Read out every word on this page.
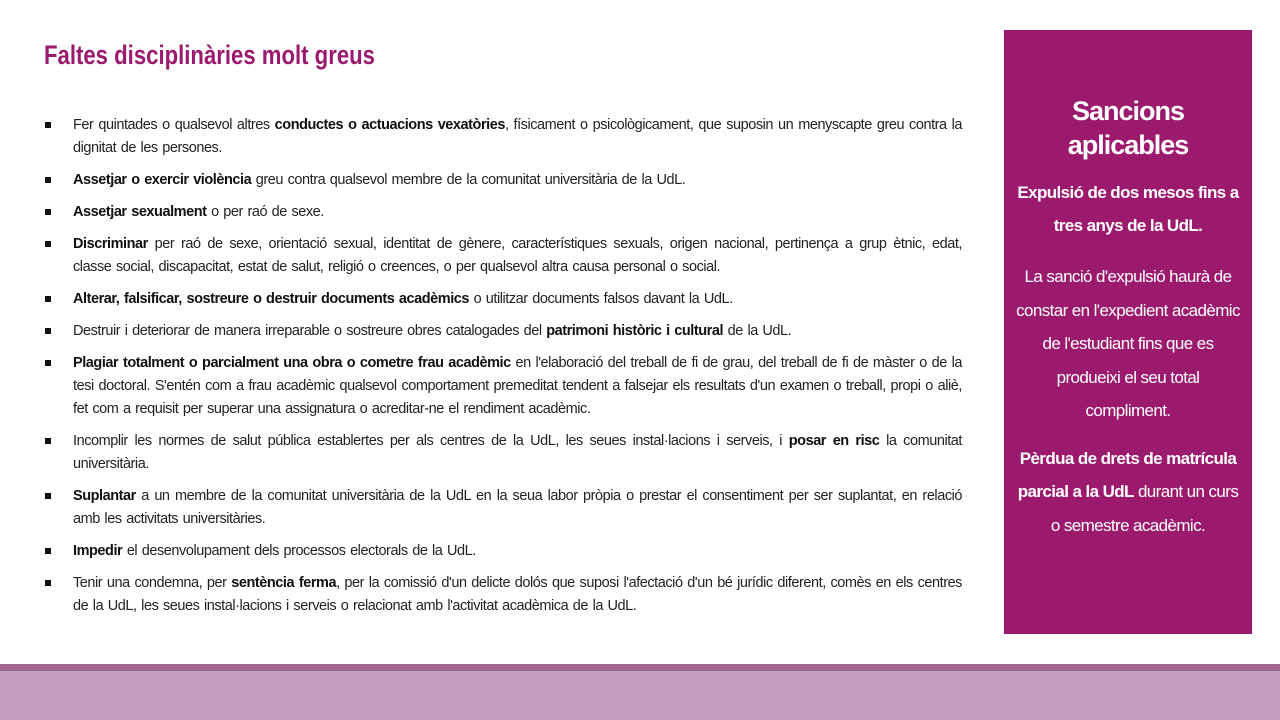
Faltes disciplinàries molt greus
Fer quintades o qualsevol altres conductes o actuacions vexatòries, físicament o psicològicament, que suposin un menyscapte greu contra la dignitat de les persones.
Assetjar o exercir violència greu contra qualsevol membre de la comunitat universitària de la UdL.
Assetjar sexualment o per raó de sexe.
Discriminar per raó de sexe, orientació sexual, identitat de gènere, característiques sexuals, origen nacional, pertinença a grup ètnic, edat, classe social, discapacitat, estat de salut, religió o creences, o per qualsevol altra causa personal o social.
Alterar, falsificar, sostreure o destruir documents acadèmics o utilitzar documents falsos davant la UdL.
Destruir i deteriorar de manera irreparable o sostreure obres catalogades del patrimoni històric i cultural de la UdL.
Plagiar totalment o parcialment una obra o cometre frau acadèmic en l'elaboració del treball de fi de grau, del treball de fi de màster o de la tesi doctoral. S'entén com a frau acadèmic qualsevol comportament premeditat tendent a falsejar els resultats d'un examen o treball, propi o aliè, fet com a requisit per superar una assignatura o acreditar-ne el rendiment acadèmic.
Incomplir les normes de salut pública establertes per als centres de la UdL, les seues instal·lacions i serveis, i posar en risc la comunitat universitària.
Suplantar a un membre de la comunitat universitària de la UdL en la seua labor pròpia o prestar el consentiment per ser suplantat, en relació amb les activitats universitàries.
Impedir el desenvolupament dels processos electorals de la UdL.
Tenir una condemna, per sentència ferma, per la comissió d'un delicte dolós que suposi l'afectació d'un bé jurídic diferent, comès en els centres de la UdL, les seues instal·lacions i serveis o relacionat amb l'activitat acadèmica de la UdL.
Sancions aplicables

Expulsió de dos mesos fins a tres anys de la UdL.

La sanció d'expulsió haurà de constar en l'expedient acadèmic de l'estudiant fins que es produeixi el seu total compliment.

Pèrdua de drets de matrícula parcial a la UdL durant un curs o semestre acadèmic.
